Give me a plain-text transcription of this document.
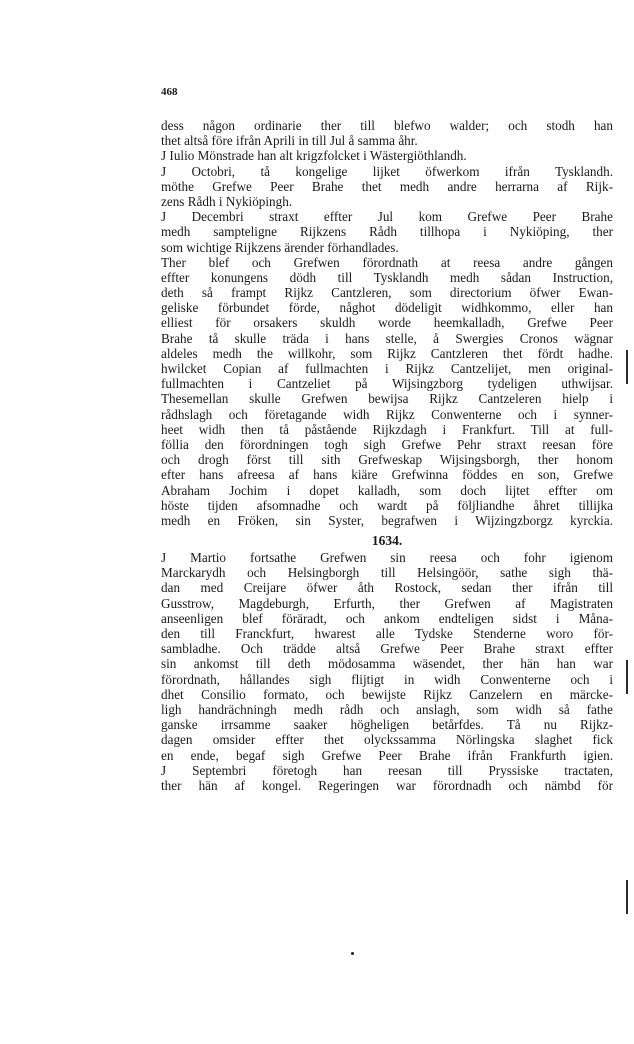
468
dess någon ordinarie ther till blefwo walder; och stodh han
thet altså före ifrån Aprili in till Jul å samma åhr.
J Iulio Mönstrade han alt krigzfolcket i Wästergiöthlandh.
J Octobri, tå kongelige lijket öfwerkom ifrån Tysklandh.
möthe Grefwe Peer Brahe thet medh andre herrarna af Rijk-
zens Rådh i Nykiöpingh.
J Decembri straxt effter Jul kom Grefwe Peer Brahe
medh sampteligne Rijkzens Rådh tillhopa i Nykiöping, ther
som wichtige Rijkzens ärender förhandlades.
Ther blef och Grefwen förordnath at reesa andre gången
effter konungens dödh till Tysklandh medh sådan Instruction,
deth så frampt Rijkz Cantzleren, som directorium öfwer Ewan-
geliske förbundet förde, någhot dödeligit widhkommo, eller han
elliest för orsakers skuldh worde heemkalladh, Grefwe Peer
Brahe tå skulle träda i hans stelle, å Swergies Cronos wägnar
aldeles medh the willkohr, som Rijkz Cantzleren thet fördt hadhe.
hwilcket Copian af fullmachten i Rijkz Cantzelijet, men original-
fullmachten i Cantzeliet på Wijsingzborg tydeligen uthwijsar.
Thesemellan skulle Grefwen bewijsa Rijkz Cantzeleren hielp i
rådhslagh och företagande widh Rijkz Conwenterne och i synner-
heet widh then tå påstående Rijkzdagh i Frankfurt. Till at full-
föllia den förordningen togh sigh Grefwe Pehr straxt reesan före
och drogh först till sith Grefweskap Wijsingsborgh, ther honom
efter hans afreesa af hans kiäre Grefwinna föddes en son, Grefwe
Abraham Jochim i dopet kalladh, som doch lijtet effter om
höste tijden afsomnadhe och wardt på följliandhe åhret tillijka
medh en Fröken, sin Syster, begrafwen i Wijzingzborgz kyrckia.
1634.
J Martio fortsathe Grefwen sin reesa och fohr igienom
Marckarydh och Helsingborgh till Helsingöör, sathe sigh thä-
dan med Creijare öfwer åth Rostock, sedan ther ifrån till
Gusstrow, Magdeburgh, Erfurth, ther Grefwen af Magistraten
anseenligen blef föräradt, och ankom endteligen sidst i Måna-
den till Franckfurt, hwarest alle Tydske Stenderne woro för-
sambladhe. Och trädde altså Grefwe Peer Brahe straxt effter
sin ankomst till deth mödosamma wäsendet, ther hän han war
förordnath, hållandes sigh flijtigt in widh Conwenterne och i
dhet Consilio formato, och bewijste Rijkz Canzelern en märcke-
ligh handrächningh medh rådh och anslagh, som widh så fathe
ganske irrsamme saaker högheligen betårfdes. Tå nu Rijkz-
dagen omsider effter thet olyckssamma Nörlingska slaghet fick
en ende, begaf sigh Grefwe Peer Brahe ifrån Frankfurth igien.
J Septembri företogh han reesan till Pryssiske tractaten,
ther hän af kongel. Regeringen war förordnadh och nämbd för
